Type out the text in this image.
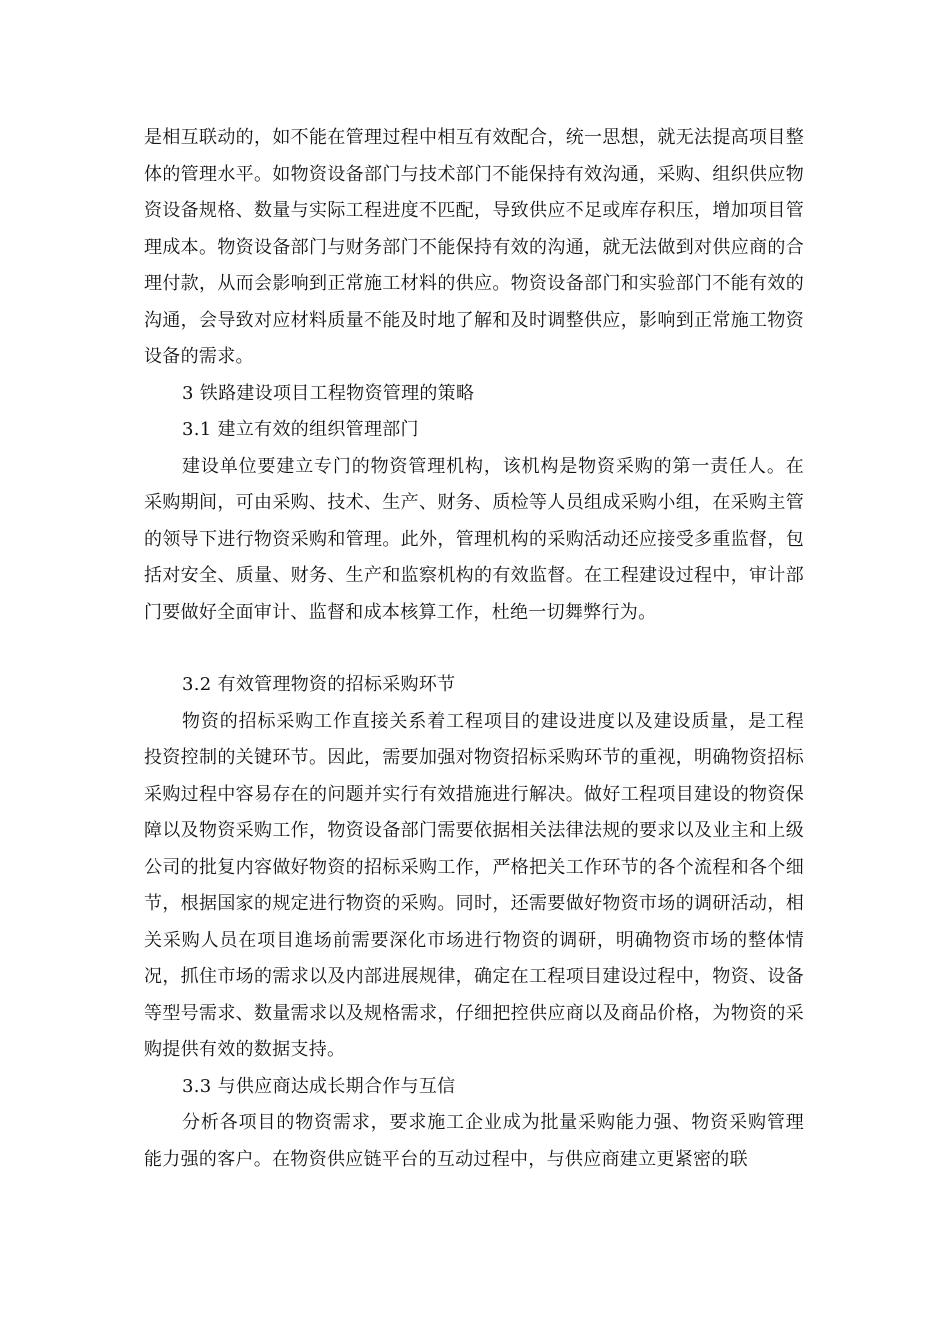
是相互联动的，如不能在管理过程中相互有效配合，统一思想，就无法提高项目整体的管理水平。如物资设备部门与技术部门不能保持有效沟通，采购、组织供应物资设备规格、数量与实际工程进度不匹配，导致供应不足或库存积压，增加项目管理成本。物资设备部门与财务部门不能保持有效的沟通，就无法做到对供应商的合理付款，从而会影响到正常施工材料的供应。物资设备部门和实验部门不能有效的沟通，会导致对应材料质量不能及时地了解和及时调整供应，影响到正常施工物资设备的需求。

3 铁路建设项目工程物资管理的策略

3.1 建立有效的组织管理部门

建设单位要建立专门的物资管理机构，该机构是物资采购的第一责任人。在采购期间，可由采购、技术、生产、财务、质检等人员组成采购小组，在采购主管的领导下进行物资采购和管理。此外，管理机构的采购活动还应接受多重监督，包括对安全、质量、财务、生产和监察机构的有效监督。在工程建设过程中，审计部门要做好全面审计、监督和成本核算工作，杜绝一切舞弊行为。

3.2 有效管理物资的招标采购环节

物资的招标采购工作直接关系着工程项目的建设进度以及建设质量，是工程投资控制的关键环节。因此，需要加强对物资招标采购环节的重视，明确物资招标采购过程中容易存在的问题并实行有效措施进行解决。做好工程项目建设的物资保障以及物资采购工作，物资设备部门需要依据相关法律法规的要求以及业主和上级公司的批复内容做好物资的招标采购工作，严格把关工作环节的各个流程和各个细节，根据国家的规定进行物资的采购。同时，还需要做好物资市场的调研活动，相关采购人员在项目進场前需要深化市场进行物资的调研，明确物资市场的整体情况，抓住市场的需求以及内部进展规律，确定在工程项目建设过程中，物资、设备等型号需求、数量需求以及规格需求，仔细把控供应商以及商品价格，为物资的采购提供有效的数据支持。

3.3 与供应商达成长期合作与互信

分析各项目的物资需求，要求施工企业成为批量采购能力强、物资采购管理能力强的客户。在物资供应链平台的互动过程中，与供应商建立更紧密的联
